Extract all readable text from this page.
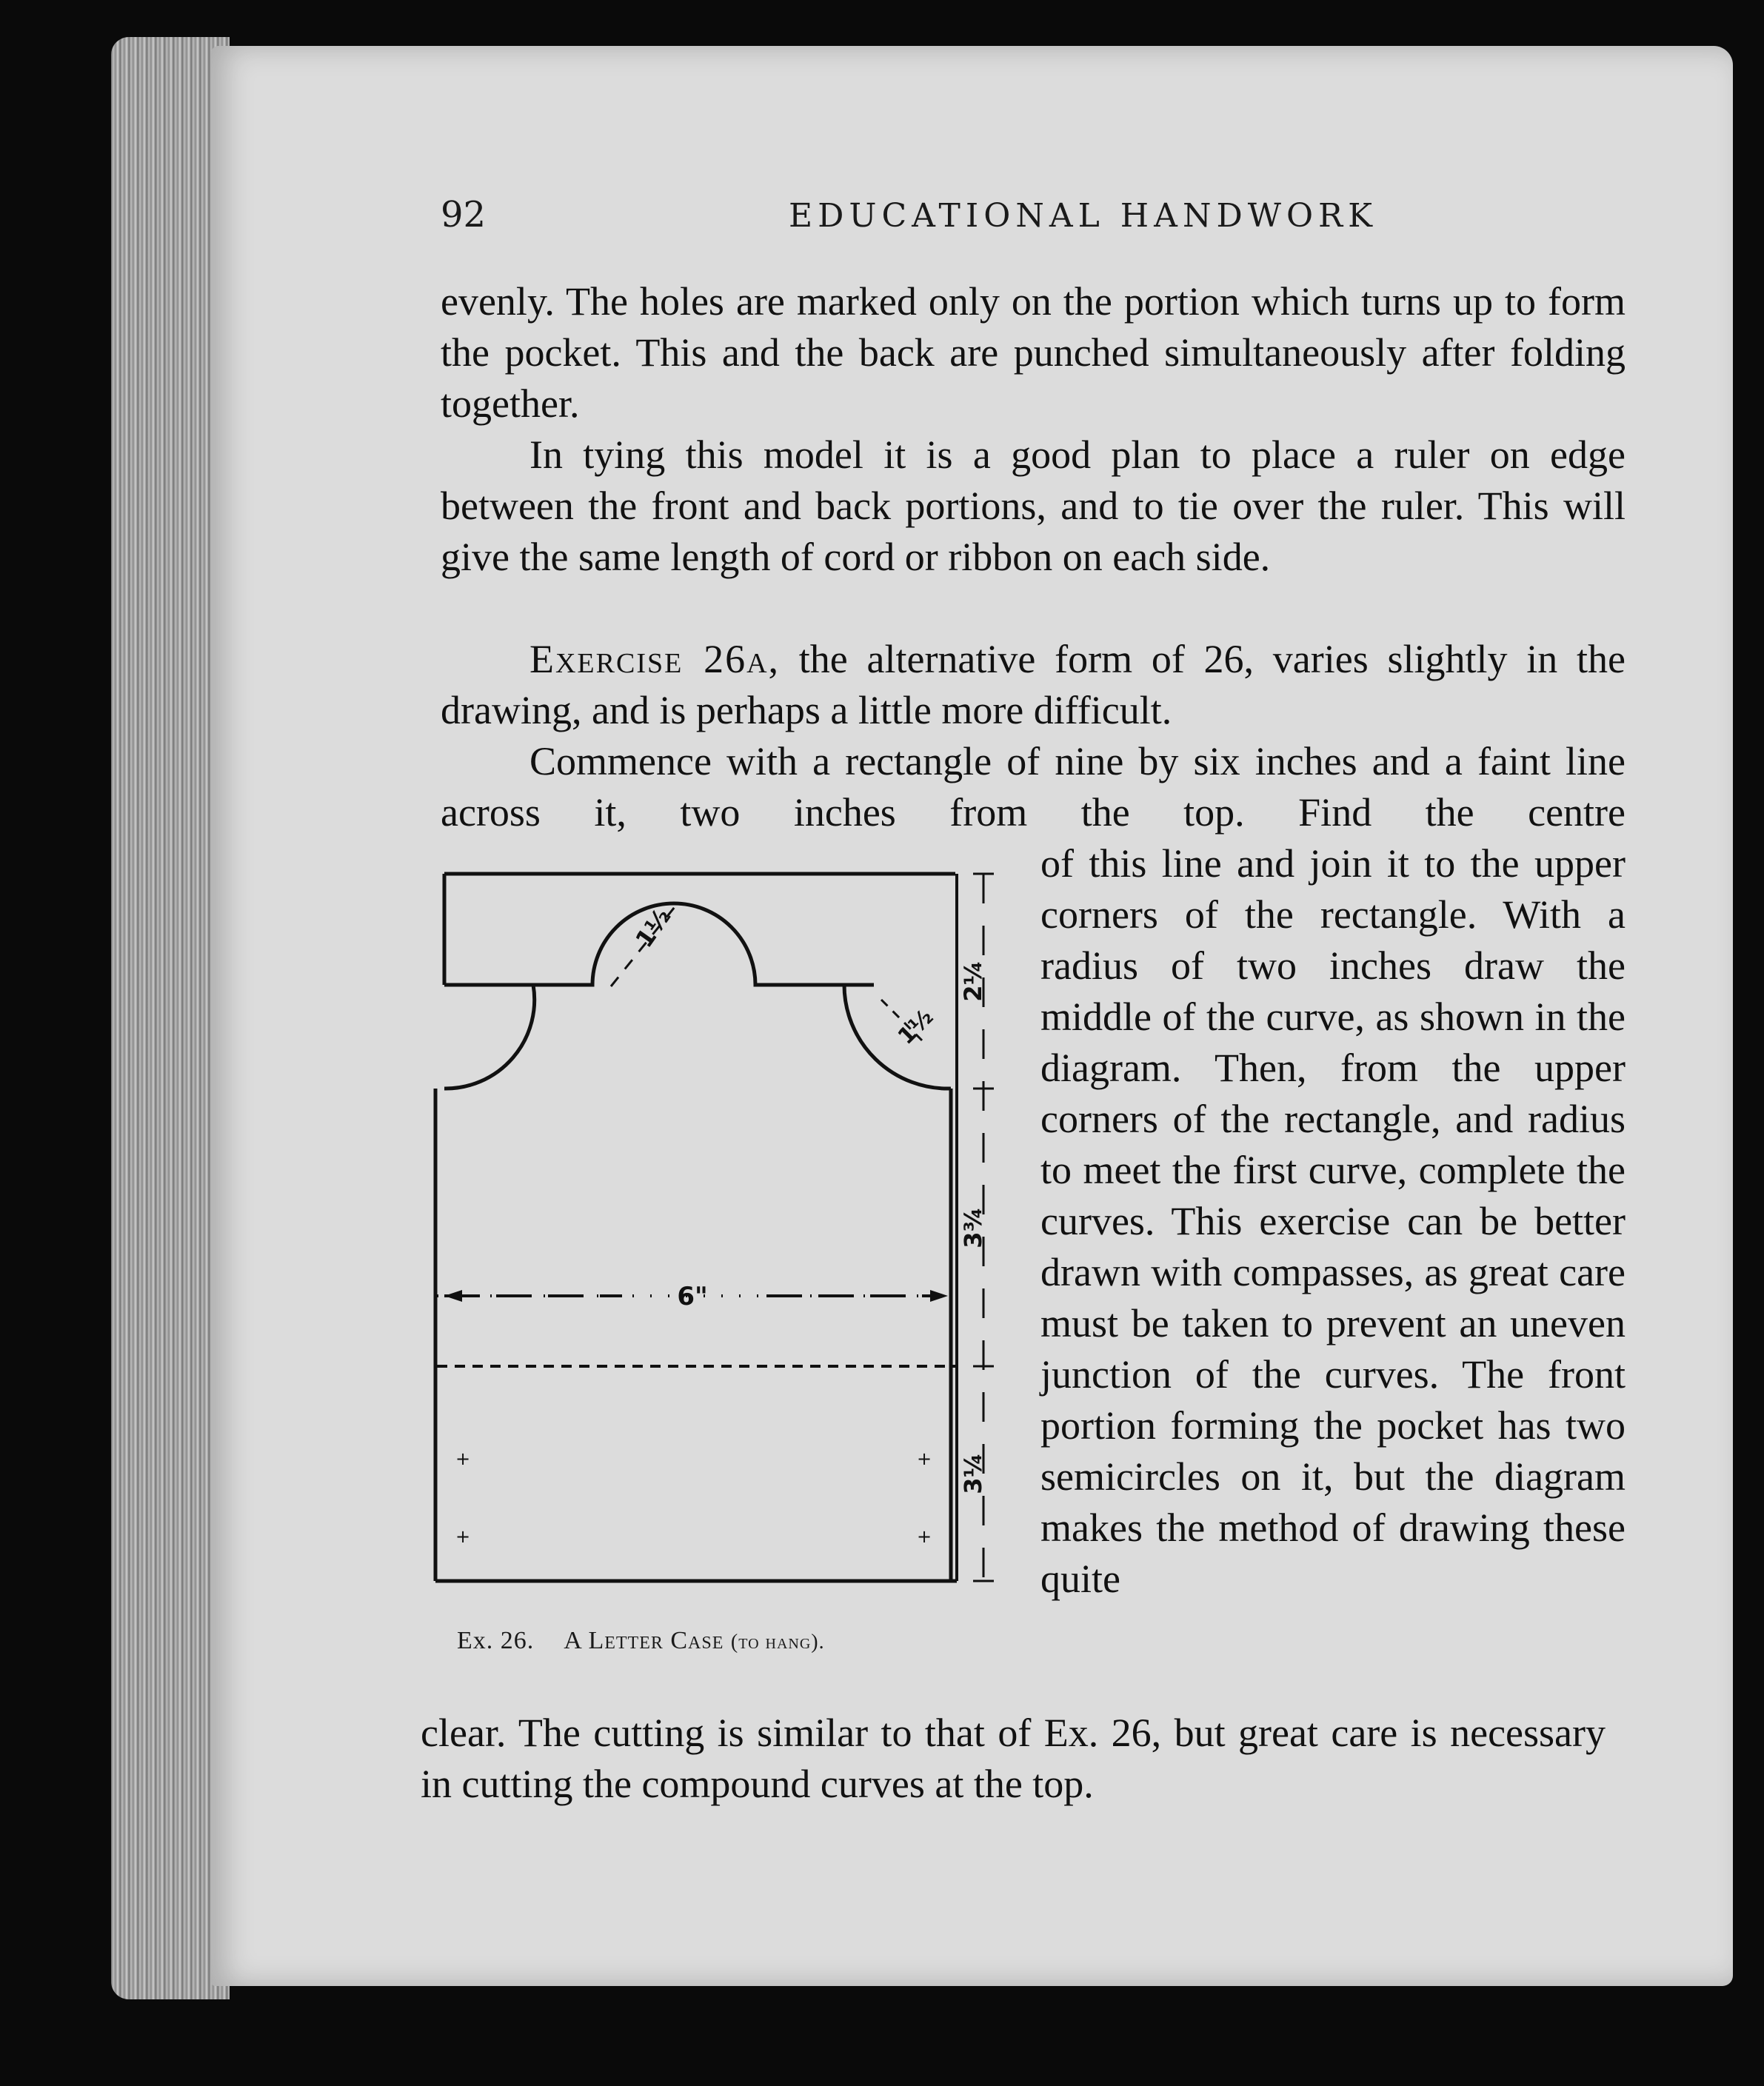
92	EDUCATIONAL HANDWORK

evenly. The holes are marked only on the portion which turns up to form the pocket. This and the back are punched simultaneously after folding together.

In tying this model it is a good plan to place a ruler on edge between the front and back portions, and to tie over the ruler. This will give the same length of cord or ribbon on each side.

Exercise 26a, the alternative form of 26, varies slightly in the drawing, and is perhaps a little more difficult.

Commence with a rectangle of nine by six inches and a faint line across it, two inches from the top. Find the centre

of this line and join it to the upper corners of the rectangle. With a radius of two inches draw the middle of the curve, as shown in the diagram. Then, from the upper corners of the rectangle, and radius to meet the first curve, complete the curves. This exercise can be better drawn with compasses, as great care must be taken to prevent an uneven junction of the curves. The front portion forming the pocket has two semicircles on it, but the diagram makes the method of drawing these quite

clear. The cutting is similar to that of Ex. 26, but great care is necessary in cutting the compound curves at the top.

+	+
+	+
1½
1½
6"
2¼
3¾
3¼
Ex. 26. A Letter Case (to hang).
